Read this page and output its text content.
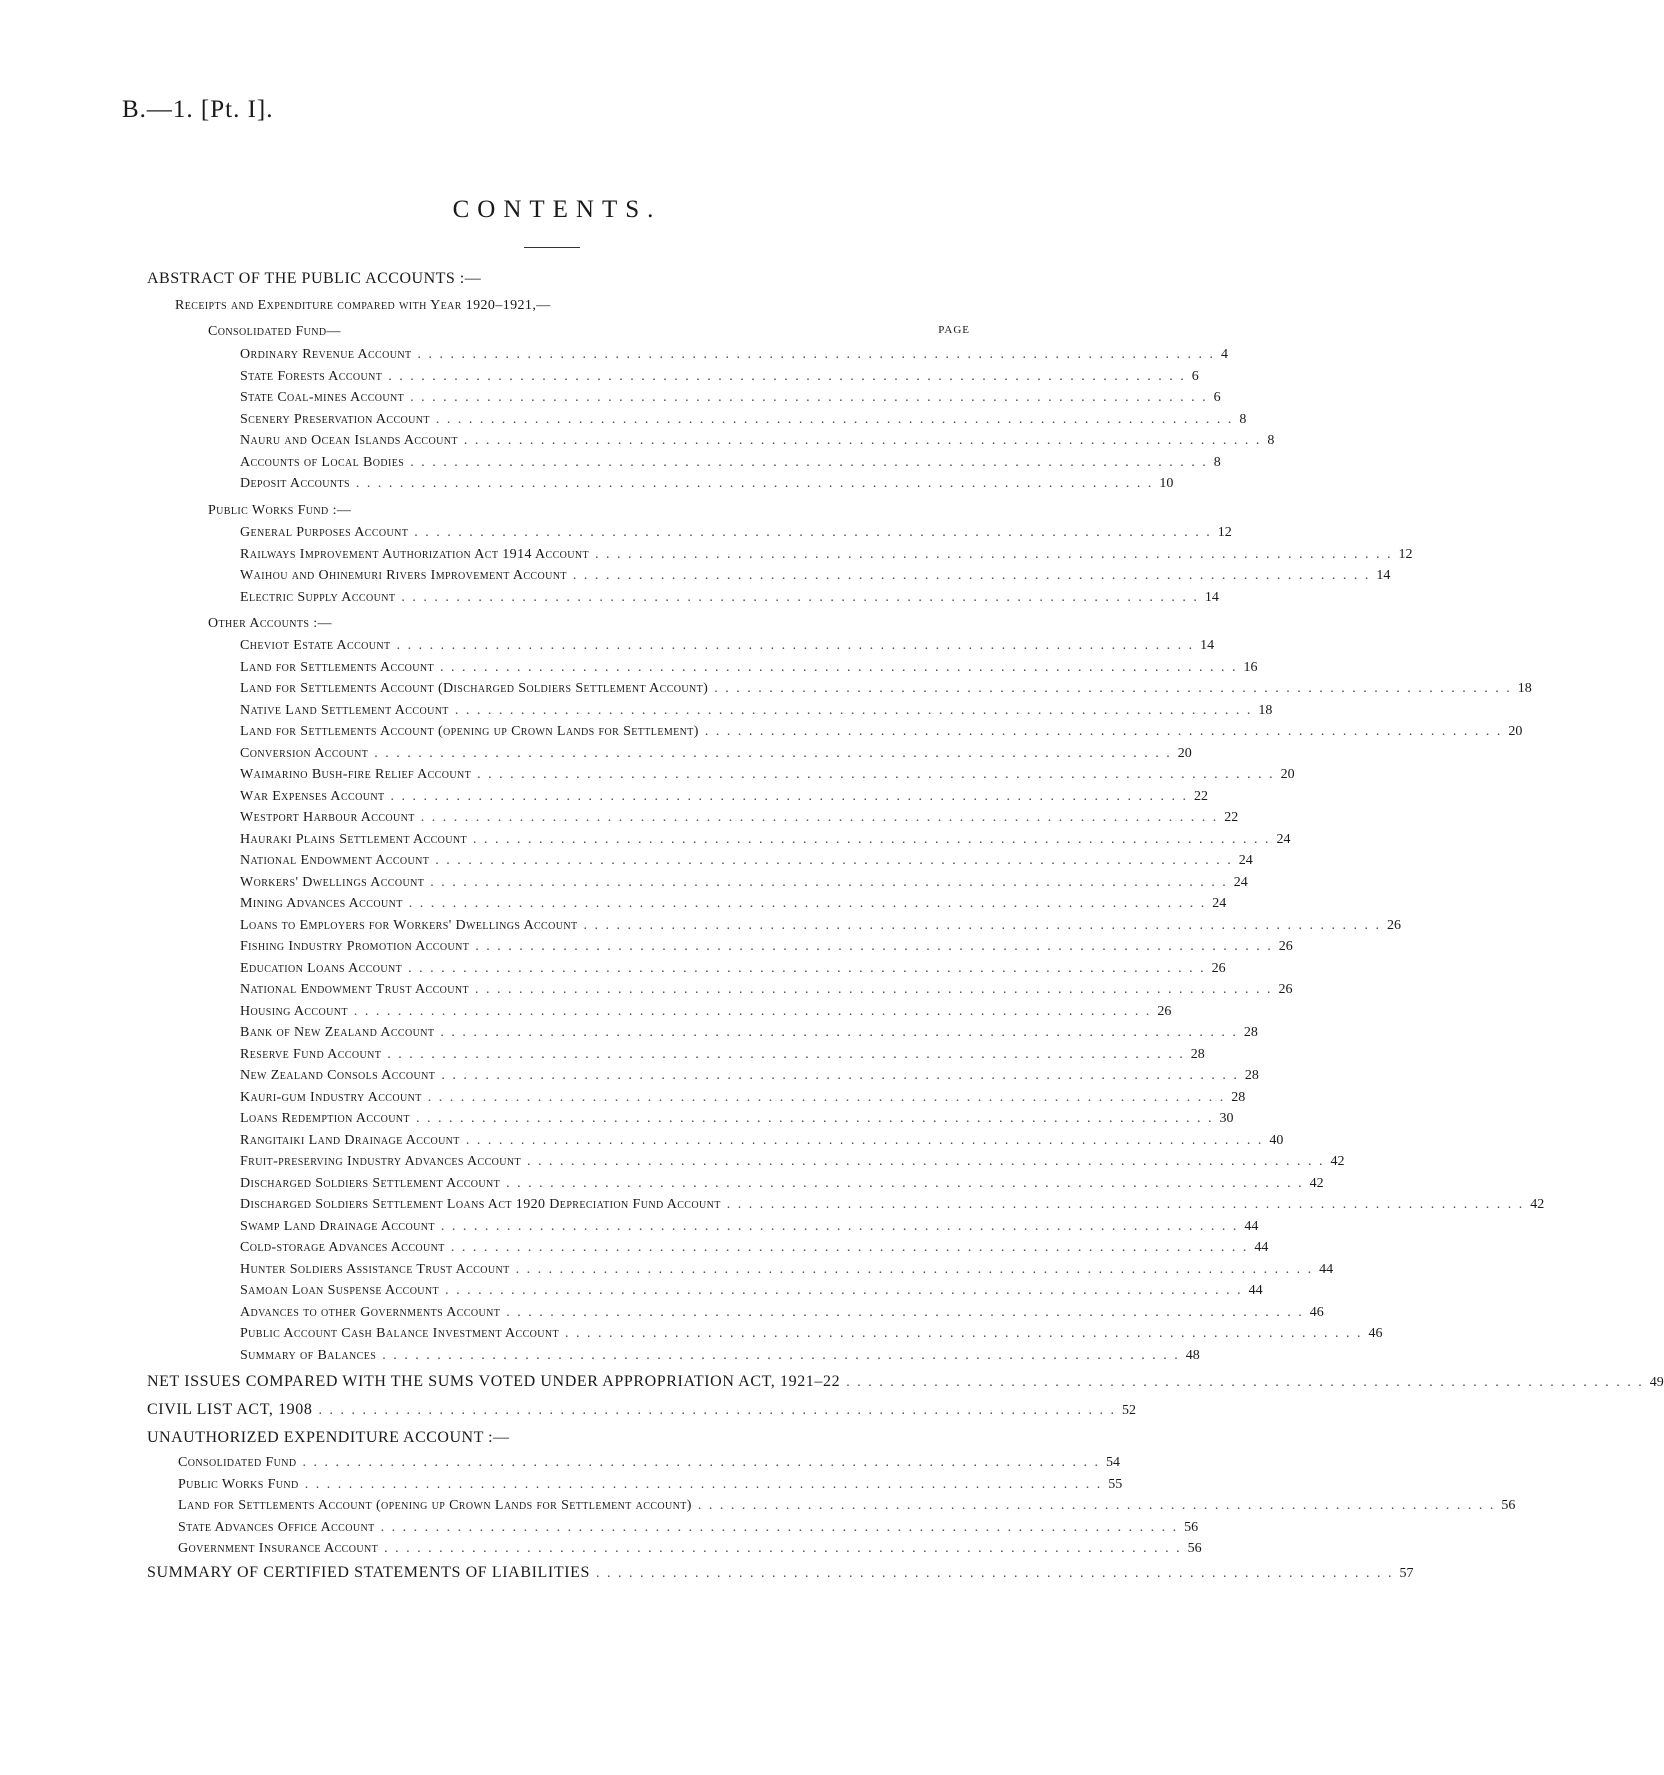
B.—1. [Pt. I].
CONTENTS.
ABSTRACT OF THE PUBLIC ACCOUNTS :—
Receipts and Expenditure compared with Year 1920–1921,—
Consolidated Fund—	PAGE
Ordinary Revenue Account . . . . . . . . . . . . . . . . . . . . . . . . . . . . . . . . . . . . . . . . . . . . . . . . . . . . . . . . . . . . . . . . . . . . . . . . . 4
State Forests Account . . . . . . . . . . . . . . . . . . . . . . . . . . . . . . . . . . . . . . . . . . . . . . . . . . . . . . . . . . . . . . . . . . . . . . . . . 6
State Coal-mines Account . . . . . . . . . . . . . . . . . . . . . . . . . . . . . . . . . . . . . . . . . . . . . . . . . . . . . . . . . . . . . . . . . . . . . . . . . 6
Scenery Preservation Account . . . . . . . . . . . . . . . . . . . . . . . . . . . . . . . . . . . . . . . . . . . . . . . . . . . . . . . . . . . . . . . . . . . . . . . . . 8
Nauru and Ocean Islands Account . . . . . . . . . . . . . . . . . . . . . . . . . . . . . . . . . . . . . . . . . . . . . . . . . . . . . . . . . . . . . . . . . . . . . . . . . 8
Accounts of Local Bodies . . . . . . . . . . . . . . . . . . . . . . . . . . . . . . . . . . . . . . . . . . . . . . . . . . . . . . . . . . . . . . . . . . . . . . . . . 8
Deposit Accounts . . . . . . . . . . . . . . . . . . . . . . . . . . . . . . . . . . . . . . . . . . . . . . . . . . . . . . . . . . . . . . . . . . . . . . . . . 10
Public Works Fund :—
General Purposes Account . . . . . . . . . . . . . . . . . . . . . . . . . . . . . . . . . . . . . . . . . . . . . . . . . . . . . . . . . . . . . . . . . . . . . . . . . 12
Railways Improvement Authorization Act 1914 Account . . . . . . . . . . . . . . . . . . . . . . . . . . . . . . . . . . . . . . . . . . . . . . . . . . . . . . . . . . . . . . . . . . . . . . . . . 12
Waihou and Ohinemuri Rivers Improvement Account . . . . . . . . . . . . . . . . . . . . . . . . . . . . . . . . . . . . . . . . . . . . . . . . . . . . . . . . . . . . . . . . . . . . . . . . . 14
Electric Supply Account . . . . . . . . . . . . . . . . . . . . . . . . . . . . . . . . . . . . . . . . . . . . . . . . . . . . . . . . . . . . . . . . . . . . . . . . . 14
Other Accounts :—
Cheviot Estate Account . . . . . . . . . . . . . . . . . . . . . . . . . . . . . . . . . . . . . . . . . . . . . . . . . . . . . . . . . . . . . . . . . . . . . . . . . 14
Land for Settlements Account . . . . . . . . . . . . . . . . . . . . . . . . . . . . . . . . . . . . . . . . . . . . . . . . . . . . . . . . . . . . . . . . . . . . . . . . . 16
Land for Settlements Account (Discharged Soldiers Settlement Account) . . . . . . . . . . . . . . . . . . . . . . . . . . . . . . . . . . . . . . . . . . . . . . . . . . . . . . . . . . . . . . . . . . . . . . . . . 18
Native Land Settlement Account . . . . . . . . . . . . . . . . . . . . . . . . . . . . . . . . . . . . . . . . . . . . . . . . . . . . . . . . . . . . . . . . . . . . . . . . . 18
Land for Settlements Account (opening up Crown Lands for Settlement) . . . . . . . . . . . . . . . . . . . . . . . . . . . . . . . . . . . . . . . . . . . . . . . . . . . . . . . . . . . . . . . . . . . . . . . . . 20
Conversion Account . . . . . . . . . . . . . . . . . . . . . . . . . . . . . . . . . . . . . . . . . . . . . . . . . . . . . . . . . . . . . . . . . . . . . . . . . 20
Waimarino Bush-fire Relief Account . . . . . . . . . . . . . . . . . . . . . . . . . . . . . . . . . . . . . . . . . . . . . . . . . . . . . . . . . . . . . . . . . . . . . . . . . 20
War Expenses Account . . . . . . . . . . . . . . . . . . . . . . . . . . . . . . . . . . . . . . . . . . . . . . . . . . . . . . . . . . . . . . . . . . . . . . . . . 22
Westport Harbour Account . . . . . . . . . . . . . . . . . . . . . . . . . . . . . . . . . . . . . . . . . . . . . . . . . . . . . . . . . . . . . . . . . . . . . . . . . 22
Hauraki Plains Settlement Account . . . . . . . . . . . . . . . . . . . . . . . . . . . . . . . . . . . . . . . . . . . . . . . . . . . . . . . . . . . . . . . . . . . . . . . . . 24
National Endowment Account . . . . . . . . . . . . . . . . . . . . . . . . . . . . . . . . . . . . . . . . . . . . . . . . . . . . . . . . . . . . . . . . . . . . . . . . . 24
Workers' Dwellings Account . . . . . . . . . . . . . . . . . . . . . . . . . . . . . . . . . . . . . . . . . . . . . . . . . . . . . . . . . . . . . . . . . . . . . . . . . 24
Mining Advances Account . . . . . . . . . . . . . . . . . . . . . . . . . . . . . . . . . . . . . . . . . . . . . . . . . . . . . . . . . . . . . . . . . . . . . . . . . 24
Loans to Employers for Workers' Dwellings Account . . . . . . . . . . . . . . . . . . . . . . . . . . . . . . . . . . . . . . . . . . . . . . . . . . . . . . . . . . . . . . . . . . . . . . . . . 26
Fishing Industry Promotion Account . . . . . . . . . . . . . . . . . . . . . . . . . . . . . . . . . . . . . . . . . . . . . . . . . . . . . . . . . . . . . . . . . . . . . . . . . 26
Education Loans Account . . . . . . . . . . . . . . . . . . . . . . . . . . . . . . . . . . . . . . . . . . . . . . . . . . . . . . . . . . . . . . . . . . . . . . . . . 26
National Endowment Trust Account . . . . . . . . . . . . . . . . . . . . . . . . . . . . . . . . . . . . . . . . . . . . . . . . . . . . . . . . . . . . . . . . . . . . . . . . . 26
Housing Account . . . . . . . . . . . . . . . . . . . . . . . . . . . . . . . . . . . . . . . . . . . . . . . . . . . . . . . . . . . . . . . . . . . . . . . . . 26
Bank of New Zealand Account . . . . . . . . . . . . . . . . . . . . . . . . . . . . . . . . . . . . . . . . . . . . . . . . . . . . . . . . . . . . . . . . . . . . . . . . . 28
Reserve Fund Account . . . . . . . . . . . . . . . . . . . . . . . . . . . . . . . . . . . . . . . . . . . . . . . . . . . . . . . . . . . . . . . . . . . . . . . . . 28
New Zealand Consols Account . . . . . . . . . . . . . . . . . . . . . . . . . . . . . . . . . . . . . . . . . . . . . . . . . . . . . . . . . . . . . . . . . . . . . . . . . 28
Kauri-gum Industry Account . . . . . . . . . . . . . . . . . . . . . . . . . . . . . . . . . . . . . . . . . . . . . . . . . . . . . . . . . . . . . . . . . . . . . . . . . 28
Loans Redemption Account . . . . . . . . . . . . . . . . . . . . . . . . . . . . . . . . . . . . . . . . . . . . . . . . . . . . . . . . . . . . . . . . . . . . . . . . . 30
Rangitaiki Land Drainage Account . . . . . . . . . . . . . . . . . . . . . . . . . . . . . . . . . . . . . . . . . . . . . . . . . . . . . . . . . . . . . . . . . . . . . . . . . 40
Fruit-preserving Industry Advances Account . . . . . . . . . . . . . . . . . . . . . . . . . . . . . . . . . . . . . . . . . . . . . . . . . . . . . . . . . . . . . . . . . . . . . . . . . 42
Discharged Soldiers Settlement Account . . . . . . . . . . . . . . . . . . . . . . . . . . . . . . . . . . . . . . . . . . . . . . . . . . . . . . . . . . . . . . . . . . . . . . . . . 42
Discharged Soldiers Settlement Loans Act 1920 Depreciation Fund Account . . . . . . . . . . . . . . . . . . . . . . . . . . . . . . . . . . . . . . . . . . . . . . . . . . . . . . . . . . . . . . . . . . . . . . . . . 42
Swamp Land Drainage Account . . . . . . . . . . . . . . . . . . . . . . . . . . . . . . . . . . . . . . . . . . . . . . . . . . . . . . . . . . . . . . . . . . . . . . . . . 44
Cold-storage Advances Account . . . . . . . . . . . . . . . . . . . . . . . . . . . . . . . . . . . . . . . . . . . . . . . . . . . . . . . . . . . . . . . . . . . . . . . . . 44
Hunter Soldiers Assistance Trust Account . . . . . . . . . . . . . . . . . . . . . . . . . . . . . . . . . . . . . . . . . . . . . . . . . . . . . . . . . . . . . . . . . . . . . . . . . 44
Samoan Loan Suspense Account . . . . . . . . . . . . . . . . . . . . . . . . . . . . . . . . . . . . . . . . . . . . . . . . . . . . . . . . . . . . . . . . . . . . . . . . . 44
Advances to other Governments Account . . . . . . . . . . . . . . . . . . . . . . . . . . . . . . . . . . . . . . . . . . . . . . . . . . . . . . . . . . . . . . . . . . . . . . . . . 46
Public Account Cash Balance Investment Account . . . . . . . . . . . . . . . . . . . . . . . . . . . . . . . . . . . . . . . . . . . . . . . . . . . . . . . . . . . . . . . . . . . . . . . . . 46
Summary of Balances . . . . . . . . . . . . . . . . . . . . . . . . . . . . . . . . . . . . . . . . . . . . . . . . . . . . . . . . . . . . . . . . . . . . . . . . . 48
NET ISSUES COMPARED WITH THE SUMS VOTED UNDER APPROPRIATION ACT, 1921–22 . . . . . . . . . . . . . . . . . . . . . . . . . . . . . . . . . . . . . . . . . . . . . . . . . . . . . . . . . . . . . . . . . . . . . . . . . 49
CIVIL LIST ACT, 1908 . . . . . . . . . . . . . . . . . . . . . . . . . . . . . . . . . . . . . . . . . . . . . . . . . . . . . . . . . . . . . . . . . . . . . . . . . 52
UNAUTHORIZED EXPENDITURE ACCOUNT :—
Consolidated Fund . . . . . . . . . . . . . . . . . . . . . . . . . . . . . . . . . . . . . . . . . . . . . . . . . . . . . . . . . . . . . . . . . . . . . . . . . 54
Public Works Fund . . . . . . . . . . . . . . . . . . . . . . . . . . . . . . . . . . . . . . . . . . . . . . . . . . . . . . . . . . . . . . . . . . . . . . . . . 55
Land for Settlements Account (opening up Crown Lands for Settlement account) . . . . . . . . . . . . . . . . . . . . . . . . . . . . . . . . . . . . . . . . . . . . . . . . . . . . . . . . . . . . . . . . . . . . . . . . . 56
State Advances Office Account . . . . . . . . . . . . . . . . . . . . . . . . . . . . . . . . . . . . . . . . . . . . . . . . . . . . . . . . . . . . . . . . . . . . . . . . . 56
Government Insurance Account . . . . . . . . . . . . . . . . . . . . . . . . . . . . . . . . . . . . . . . . . . . . . . . . . . . . . . . . . . . . . . . . . . . . . . . . . 56
SUMMARY OF CERTIFIED STATEMENTS OF LIABILITIES . . . . . . . . . . . . . . . . . . . . . . . . . . . . . . . . . . . . . . . . . . . . . . . . . . . . . . . . . . . . . . . . . . . . . . . . . 57
